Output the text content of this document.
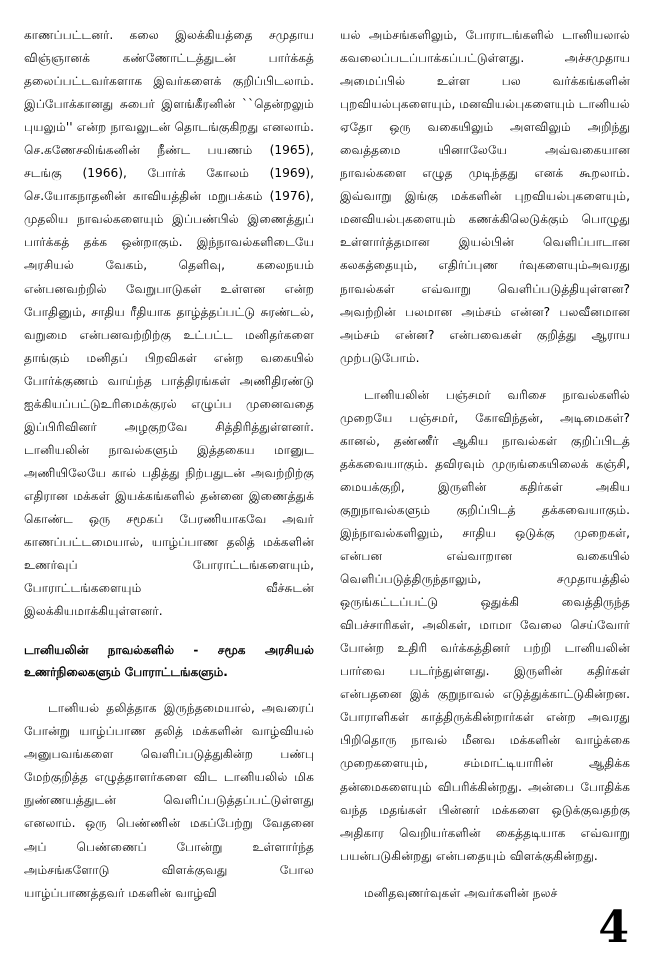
காணப்பட்டனர். கலை இலக்கியத்தை சமுதாய விஞ்ஞானக் கண்ணோட்டத்துடன் பார்க்கத் தலைப்பட்டவர்களாக இவர்களைக் குறிப்பிடலாம். இப்போக்கானது சுபைர் இளங்கீரனின் ``தென்றலும் புயலும்'' என்ற நாவலுடன் தொடங்குகிறது எனலாம். செ.கணேசலிங்கனின் நீண்ட பயணம் (1965), சடங்கு (1966), போர்க் கோலம் (1969), செ.யோகநாதனின் காவியத்தின் மறுபக்கம் (1976), முதலிய நாவல்களையும் இப்பண்பில் இணைத்துப் பார்க்கத் தக்க ஒன்றாகும். இந்நாவல்களிடையே அரசியல் வேகம், தெளிவு, கலைநயம் என்பனவற்றில் வேறுபாடுகள் உள்ளன என்ற போதினும், சாதிய ரீதியாக தாழ்த்தப்பட்டு சுரண்டல், வறுமை என்பனவற்றிற்கு உட்பட்ட மனிதர்களை தாங்கும் மனிதப் பிறவிகள் என்ற வகையில் போர்க்குணம் வாய்ந்த பாத்திரங்கள் அணிதிரண்டு ஐக்கியப்பட்டுஉரிமைக்குரல் எழுப்ப முனைவதை இப்பிரிவினர் அழகுறவே சித்திரித்துள்ளனர். டானியலின் நாவல்களும் இத்தகைய மானுட அணியிலேயே கால் பதித்து நிற்பதுடன் அவற்றிற்கு எதிரான மக்கள் இயக்கங்களில் தன்னை இணைத்துக் கொண்ட ஒரு சமூகப் பேரணியாகவே அவர் காணப்பட்டமையால், யாழ்ப்பாண தலித் மக்களின் உணர்வுப் போராட்டங்களையும், போராட்டங்களையும் வீச்சுடன் இலக்கியமாக்கியுள்ளனர்.

டானியலின் நாவல்களில் - சமூக அரசியல் உணர்நிலைகளும் போராட்டங்களும்.

டானியல் தலித்தாக இருந்தமையால், அவரைப் போன்று யாழ்ப்பாண தலித் மக்களின் வாழ்வியல் அனுபவங்களை வெளிப்படுத்துகின்ற பண்பு மேற்குறித்த எழுத்தாளர்களை விட டானியலில் மிக நுண்ணயத்துடன் வெளிப்படுத்தப்பட்டுள்ளது எனலாம். ஒரு பெண்ணின் மகப்பேற்று வேதனை அப் பெண்ணைப் போன்று உள்ளார்ந்த அம்சங்களோடு விளக்குவது போல யாழ்ப்பாணத்தவர் மகளின் வாழ்வி

யல் அம்சங்களிலும், போராடங்களில் டானியலால் கவலைப்படப்பாக்கப்பட்டுள்ளது. அச்சமுதாய அமைப்பில் உள்ள பல வர்க்கங்களின் புறவியல்புகளையும், மனவியல்புகளையும் டானியல் ஏதோ ஒரு வகையிலும் அளவிலும் அறிந்து வைத்தமை யினாலேயே அவ்வகையான நாவல்களை எழுத முடிந்தது எனக் கூறலாம். இவ்வாறு இங்கு மக்களின் புறவியல்புகளையும், மனவியல்புகளையும் கணக்கிலெடுக்கும் பொழுது உள்ளார்த்தமான இயல்பின் வெளிப்பாடான கலகத்தையும், எதிர்ப்புண ர்வுகளையும்அவரது நாவல்கள் எவ்வாறு வெளிப்படுத்தியுள்ளன? அவற்றின் பலமான அம்சம் என்ன? பலவீனமான அம்சம் என்ன? என்பவைகள் குறித்து ஆராய முற்படுபோம்.

டானியலின் பஞ்சமர் வரிசை நாவல்களில் முறையே பஞ்சமர், கோவிந்தன், அடிமைகள்? கானல், தண்ணீர் ஆகிய நாவல்கள் குறிப்பிடத் தக்கவையாகும். தவிரவும் முருங்கையிலைக் கஞ்சி, மையக்குறி, இருளின் கதிர்கள் அகிய குறுநாவல்களும் குறிப்பிடத் தக்கவையாகும். இந்நாவல்களிலும், சாதிய ஒடுக்கு முறைகள், என்பன எவ்வாறான வகையில் வெளிப்படுத்திருந்தாலும், சமுதாயத்தில் ஒருங்கட்டப்பட்டு ஒதுக்கி வைத்திருந்த விபச்சாரிகள், அலிகள், மாமா வேலை செய்வோர் போன்ற உதிரி வர்க்கத்தினர் பற்றி டானியலின் பார்வை படர்ந்துள்ளது. இருளின் கதிர்கள் என்பதனை இக் குறுநாவல் எடுத்துக்காட்டுகின்றன. போராளிகள் காத்திருக்கின்றார்கள் என்ற அவரது பிறிதொரு நாவல் மீனவ மக்களின் வாழ்க்கை முறைகளையும், சம்மாட்டியாரின் ஆதிக்க தன்மைகளையும் விபரிக்கின்றது. அன்பை போதிக்க வந்த மதங்கள் பின்னர் மக்களை ஒடுக்குவதற்கு அதிகார வெறியர்களின் கைத்தடியாக எவ்வாறு பயன்படுகின்றது என்பதையும் விளக்குகின்றது.

மனிதவுணர்வுகள் அவர்களின் நலச்

4
